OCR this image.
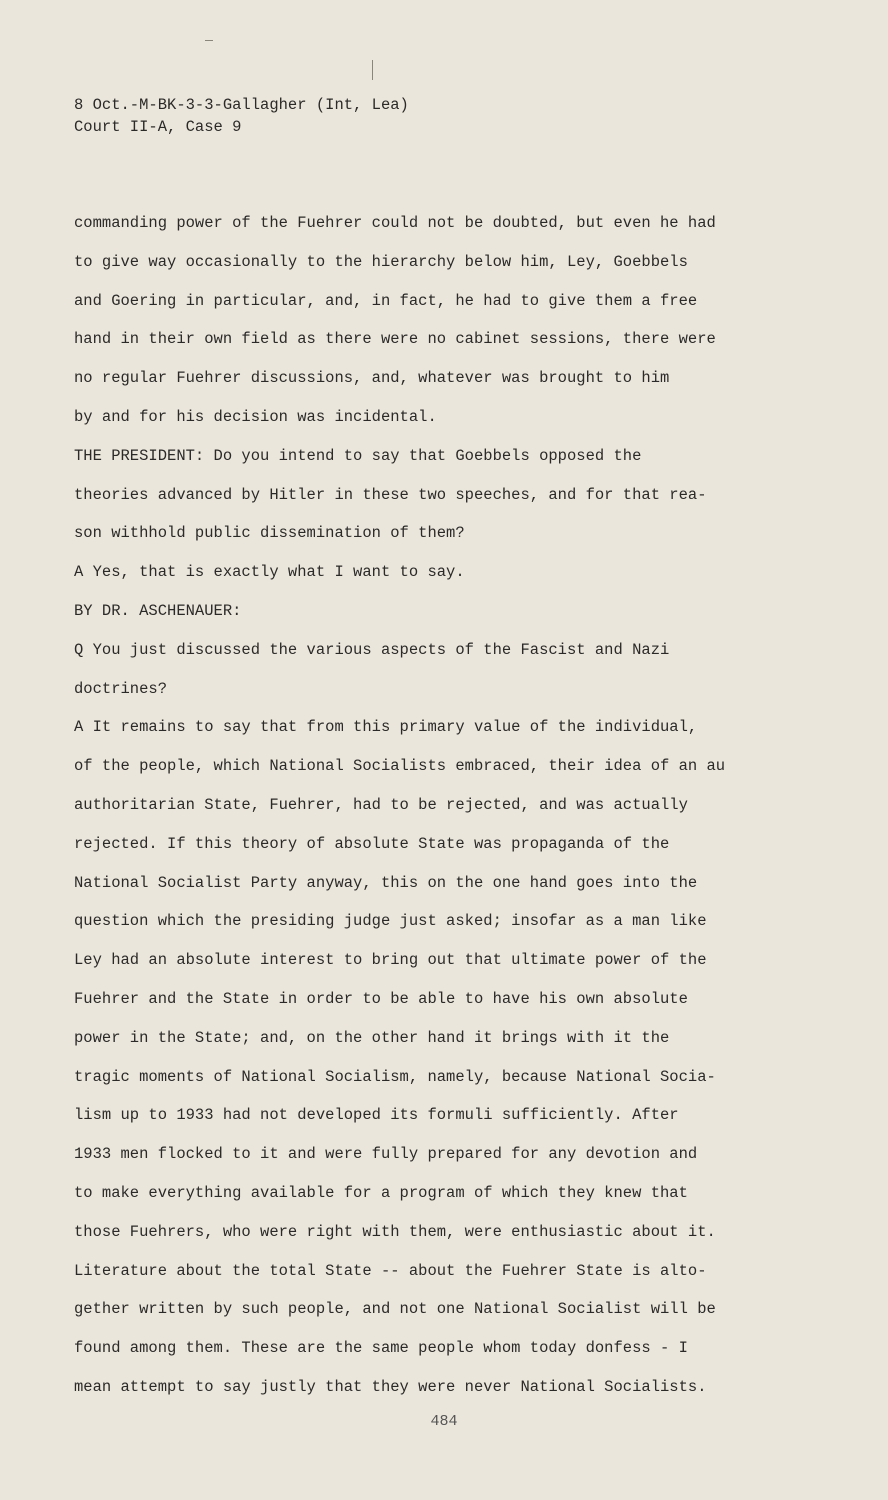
8 Oct.-M-BK-3-3-Gallagher (Int, Lea)
Court II-A, Case 9
commanding power of the Fuehrer could not be doubted, but even he had
to give way occasionally to the hierarchy below him, Ley, Goebbels
and Goering in particular, and, in fact, he had to give them a free
hand in their own field as there were no cabinet sessions, there were
no regular Fuehrer discussions, and, whatever was brought to him
by and for his decision was incidental.
THE PRESIDENT: Do you intend to say that Goebbels opposed the
theories advanced by Hitler in these two speeches, and for that rea-
son withhold public dissemination of them?
A Yes, that is exactly what I want to say.
BY DR. ASCHENAUER:
Q You just discussed the various aspects of the Fascist and Nazi
doctrines?
A It remains to say that from this primary value of the individual,
of the people, which National Socialists embraced, their idea of an au
authoritarian State, Fuehrer, had to be rejected, and was actually
rejected. If this theory of absolute State was propaganda of the
National Socialist Party anyway, this on the one hand goes into the
question which the presiding judge just asked; insofar as a man like
Ley had an absolute interest to bring out that ultimate power of the
Fuehrer and the State in order to be able to have his own absolute
power in the State; and, on the other hand it brings with it the
tragic moments of National Socialism, namely, because National Socia-
lism up to 1933 had not developed its formuli sufficiently. After
1933 men flocked to it and were fully prepared for any devotion and
to make everything available for a program of which they knew that
those Fuehrers, who were right with them, were enthusiastic about it.
Literature about the total State -- about the Fuehrer State is alto-
gether written by such people, and not one National Socialist will be
found among them. These are the same people whom today donfess - I
mean attempt to say justly that they were never National Socialists.
484
